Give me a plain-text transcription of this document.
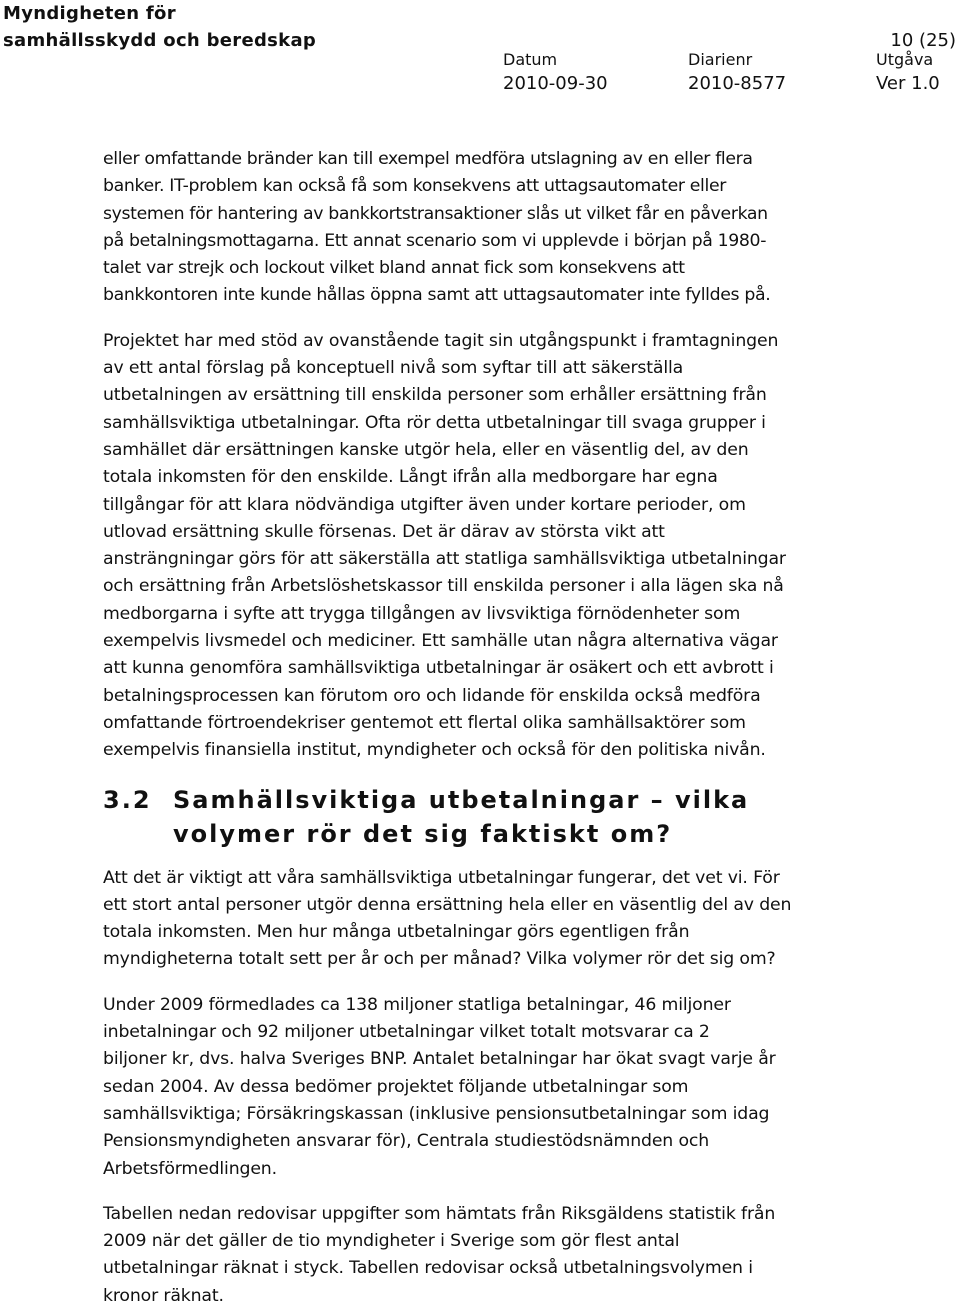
Myndigheten för
samhällsskydd och beredskap	10 (25)
Datum
2010-09-30
Diarienr
2010-8577
Utgåva
Ver 1.0
eller omfattande bränder kan till exempel medföra utslagning av en eller flera
banker. IT-problem kan också få som konsekvens att uttagsautomater eller
systemen för hantering av bankkortstransaktioner slås ut vilket får en påverkan
på betalningsmottagarna. Ett annat scenario som vi upplevde i början på 1980-
talet var strejk och lockout vilket bland annat fick som konsekvens att
bankkontoren inte kunde hållas öppna samt att uttagsautomater inte fylldes på.
Projektet har med stöd av ovanstående tagit sin utgångspunkt i framtagningen
av ett antal förslag på konceptuell nivå som syftar till att säkerställa
utbetalningen av ersättning till enskilda personer som erhåller ersättning från
samhällsviktiga utbetalningar. Ofta rör detta utbetalningar till svaga grupper i
samhället där ersättningen kanske utgör hela, eller en väsentlig del, av den
totala inkomsten för den enskilde. Långt ifrån alla medborgare har egna
tillgångar för att klara nödvändiga utgifter även under kortare perioder, om
utlovad ersättning skulle försenas. Det är därav av största vikt att
ansträngningar görs för att säkerställa att statliga samhällsviktiga utbetalningar
och ersättning från Arbetslöshetskassor till enskilda personer i alla lägen ska nå
medborgarna i syfte att trygga tillgången av livsviktiga förnödenheter som
exempelvis livsmedel och mediciner. Ett samhälle utan några alternativa vägar
att kunna genomföra samhällsviktiga utbetalningar är osäkert och ett avbrott i
betalningsprocessen kan förutom oro och lidande för enskilda också medföra
omfattande förtroendekriser gentemot ett flertal olika samhällsaktörer som
exempelvis finansiella institut, myndigheter och också för den politiska nivån.
3.2 Samhällsviktiga utbetalningar – vilka
volymer rör det sig faktiskt om?
Att det är viktigt att våra samhällsviktiga utbetalningar fungerar, det vet vi. För
ett stort antal personer utgör denna ersättning hela eller en väsentlig del av den
totala inkomsten. Men hur många utbetalningar görs egentligen från
myndigheterna totalt sett per år och per månad? Vilka volymer rör det sig om?
Under 2009 förmedlades ca 138 miljoner statliga betalningar, 46 miljoner
inbetalningar och 92 miljoner utbetalningar vilket totalt motsvarar ca 2
biljoner kr, dvs. halva Sveriges BNP. Antalet betalningar har ökat svagt varje år
sedan 2004. Av dessa bedömer projektet följande utbetalningar som
samhällsviktiga; Försäkringskassan (inklusive pensionsutbetalningar som idag
Pensionsmyndigheten ansvarar för), Centrala studiestödsnämnden och
Arbetsförmedlingen.
Tabellen nedan redovisar uppgifter som hämtats från Riksgäldens statistik från
2009 när det gäller de tio myndigheter i Sverige som gör flest antal
utbetalningar räknat i styck. Tabellen redovisar också utbetalningsvolymen i
kronor räknat.
